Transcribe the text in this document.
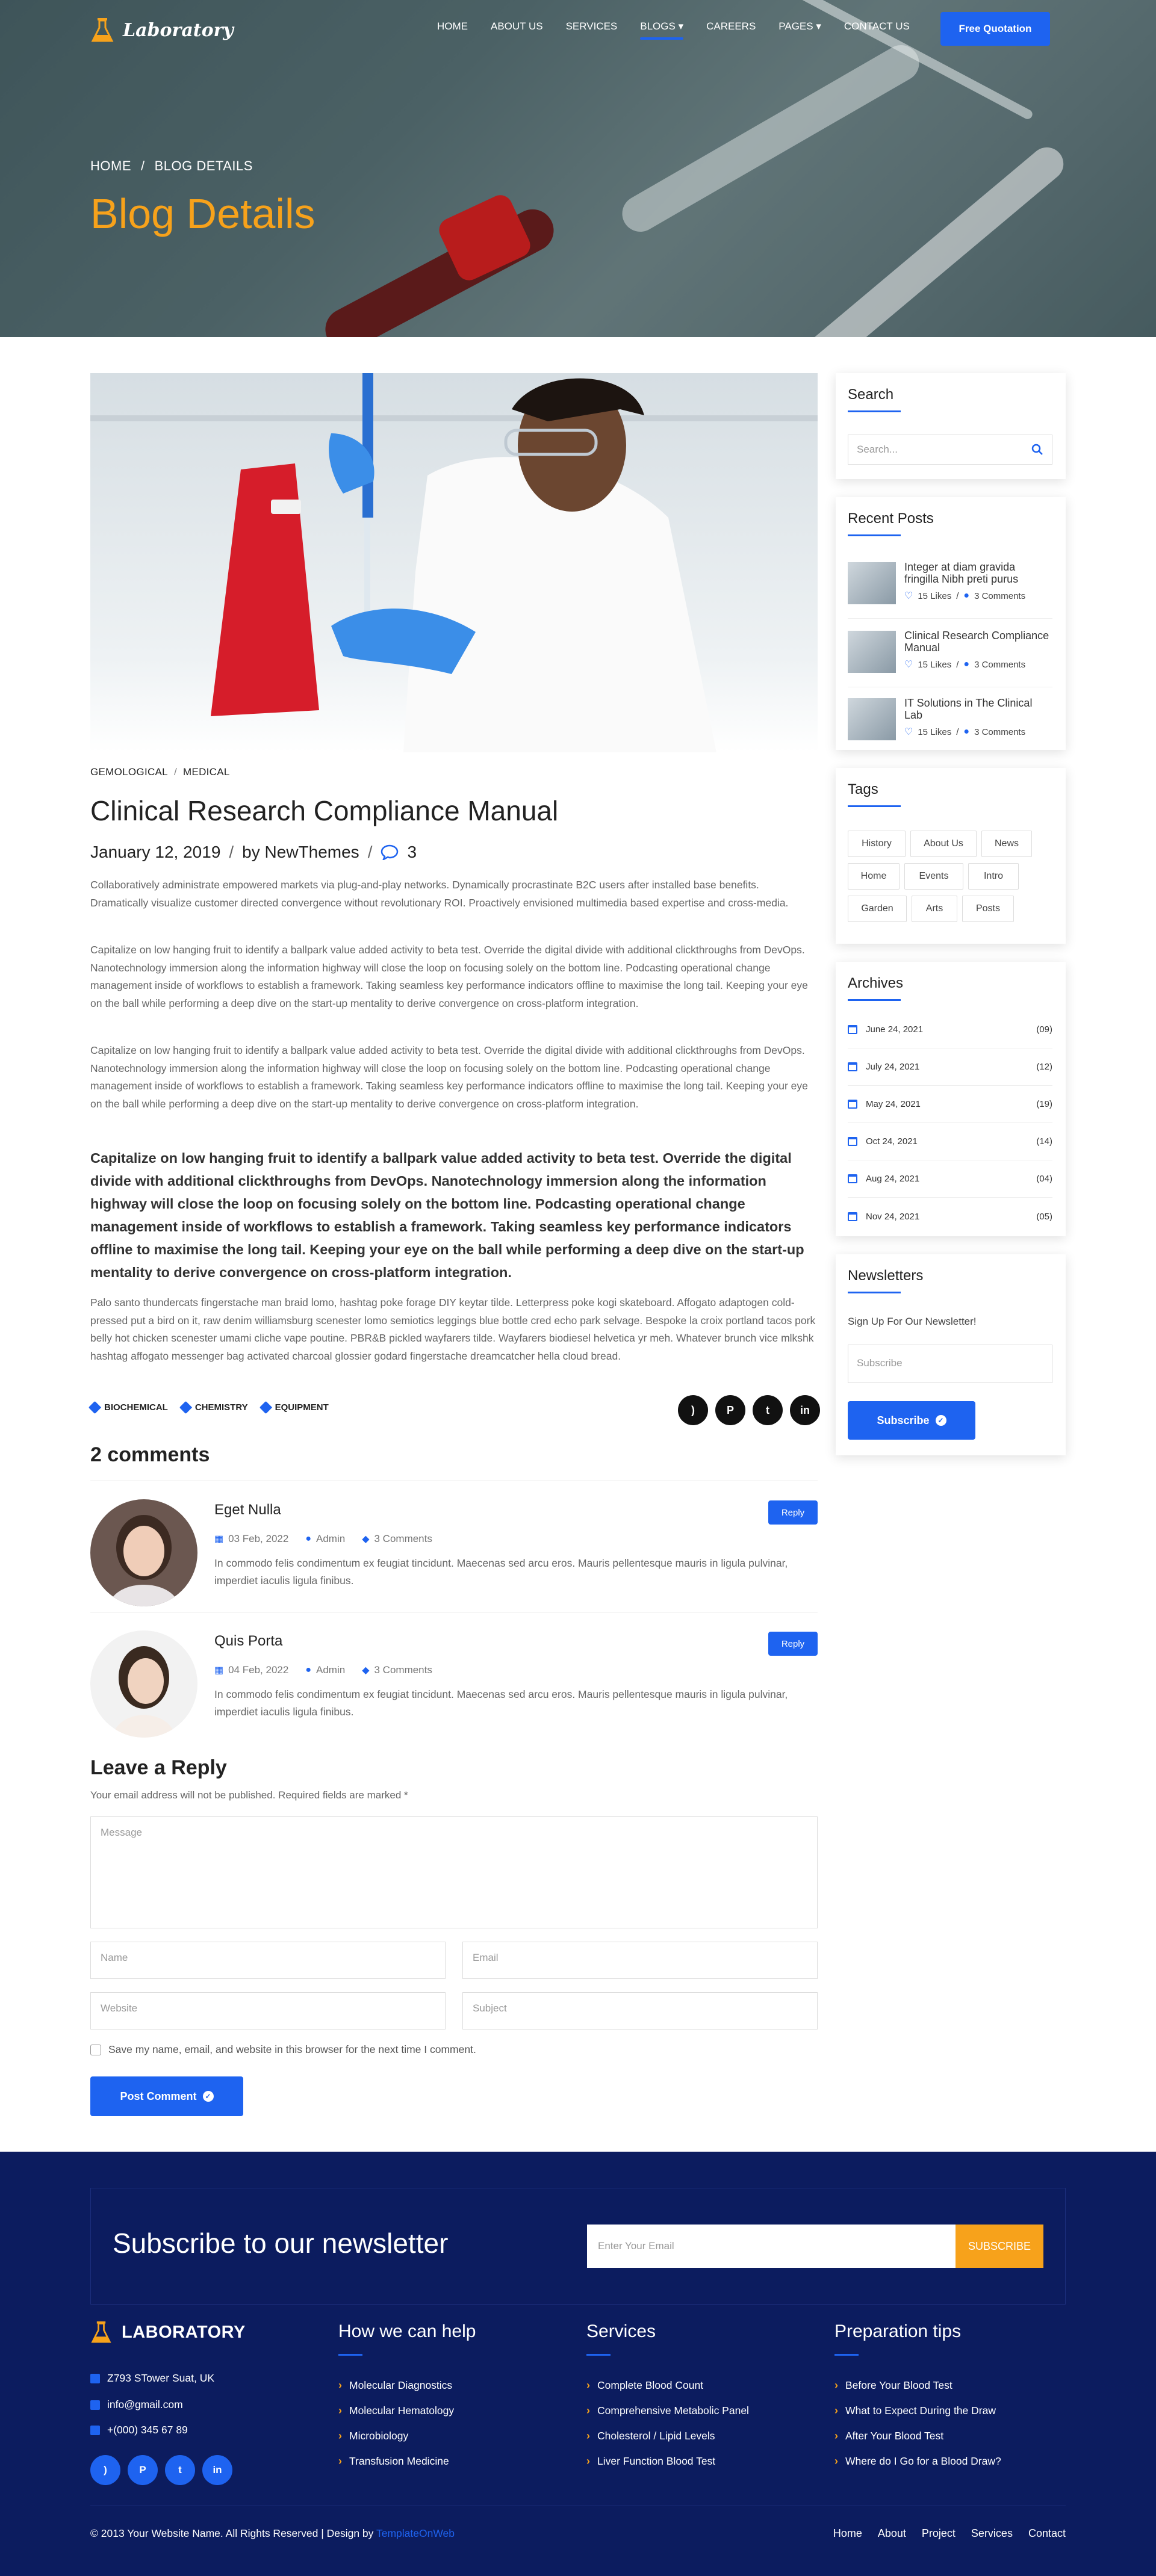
Laboratory	HOME ABOUT US SERVICES BLOGS ▾ CAREERS PAGES ▾ CONTACT US	Free Quotation
HOME / BLOG DETAILS
Blog Details
GEMOLOGICAL / MEDICAL
Clinical Research Compliance Manual
January 12, 2019 / by NewThemes / 3

Collaboratively administrate empowered markets via plug-and-play networks. Dynamically procrastinate B2C users after installed base benefits. Dramatically visualize customer directed convergence without revolutionary ROI. Proactively envisioned multimedia based expertise and cross-media.

Capitalize on low hanging fruit to identify a ballpark value added activity to beta test. Override the digital divide with additional clickthroughs from DevOps. Nanotechnology immersion along the information highway will close the loop on focusing solely on the bottom line. Podcasting operational change management inside of workflows to establish a framework. Taking seamless key performance indicators offline to maximise the long tail. Keeping your eye on the ball while performing a deep dive on the start-up mentality to derive convergence on cross-platform integration.

Capitalize on low hanging fruit to identify a ballpark value added activity to beta test. Override the digital divide with additional clickthroughs from DevOps. Nanotechnology immersion along the information highway will close the loop on focusing solely on the bottom line. Podcasting operational change management inside of workflows to establish a framework. Taking seamless key performance indicators offline to maximise the long tail. Keeping your eye on the ball while performing a deep dive on the start-up mentality to derive convergence on cross-platform integration.

Capitalize on low hanging fruit to identify a ballpark value added activity to beta test. Override the digital divide with additional clickthroughs from DevOps. Nanotechnology immersion along the information highway will close the loop on focusing solely on the bottom line. Podcasting operational change management inside of workflows to establish a framework. Taking seamless key performance indicators offline to maximise the long tail. Keeping your eye on the ball while performing a deep dive on the start-up mentality to derive convergence on cross-platform integration.

Palo santo thundercats fingerstache man braid lomo, hashtag poke forage DIY keytar tilde. Letterpress poke kogi skateboard. Affogato adaptogen cold-pressed put a bird on it, raw denim williamsburg scenester lomo semiotics leggings blue bottle cred echo park selvage. Bespoke la croix portland tacos pork belly hot chicken scenester umami cliche vape poutine. PBR&B pickled wayfarers tilde. Wayfarers biodiesel helvetica yr meh. Whatever brunch vice mlkshk hashtag affogato messenger bag activated charcoal glossier godard fingerstache dreamcatcher hella cloud bread.

BIOCHEMICAL	CHEMISTRY	EQUIPMENT	)	P	t	in
2 comments
Eget Nulla	Reply
▦ 03 Feb, 2022 ● Admin ◆ 3 Comments

In commodo felis condimentum ex feugiat tincidunt. Maecenas sed arcu eros. Mauris pellentesque mauris in ligula pulvinar, imperdiet iaculis ligula finibus.

Quis Porta	Reply
▦ 04 Feb, 2022 ● Admin ◆ 3 Comments

In commodo felis condimentum ex feugiat tincidunt. Maecenas sed arcu eros. Mauris pellentesque mauris in ligula pulvinar, imperdiet iaculis ligula finibus.

Leave a Reply

Your email address will not be published. Required fields are marked *

Message
Name	Email
Website	Subject
Save my name, email, and website in this browser for the next time I comment.
Post Comment	✓
Search
Search...
Recent Posts
Integer at diam gravida fringilla Nibh preti purus
♡ 15 Likes / ● 3 Comments
Clinical Research Compliance Manual
♡ 15 Likes / ● 3 Comments
IT Solutions in The Clinical Lab
♡ 15 Likes / ● 3 Comments
Tags
History	About Us	News
Home	Events	Intro
Garden	Arts	Posts
Archives
June 24, 2021	(09)
July 24, 2021	(12)
May 24, 2021	(19)
Oct 24, 2021	(14)
Aug 24, 2021	(04)
Nov 24, 2021	(05)
Newsletters
Sign Up For Our Newsletter!
Subscribe
Subscribe	✓
Subscribe to our newsletter	Enter Your Email	SUBSCRIBE
LABORATORY
Z793 STower Suat, UK
info@gmail.com
+(000) 345 67 89
)	P	t	in
How we can help
› Molecular Diagnostics
› Molecular Hematology
› Microbiology
› Transfusion Medicine
Services
› Complete Blood Count
› Comprehensive Metabolic Panel
› Cholesterol / Lipid Levels
› Liver Function Blood Test
Preparation tips
› Before Your Blood Test
› What to Expect During the Draw
› After Your Blood Test
› Where do I Go for a Blood Draw?
© 2013 Your Website Name. All Rights Reserved | Design by TemplateOnWeb	Home About Project Services Contact
